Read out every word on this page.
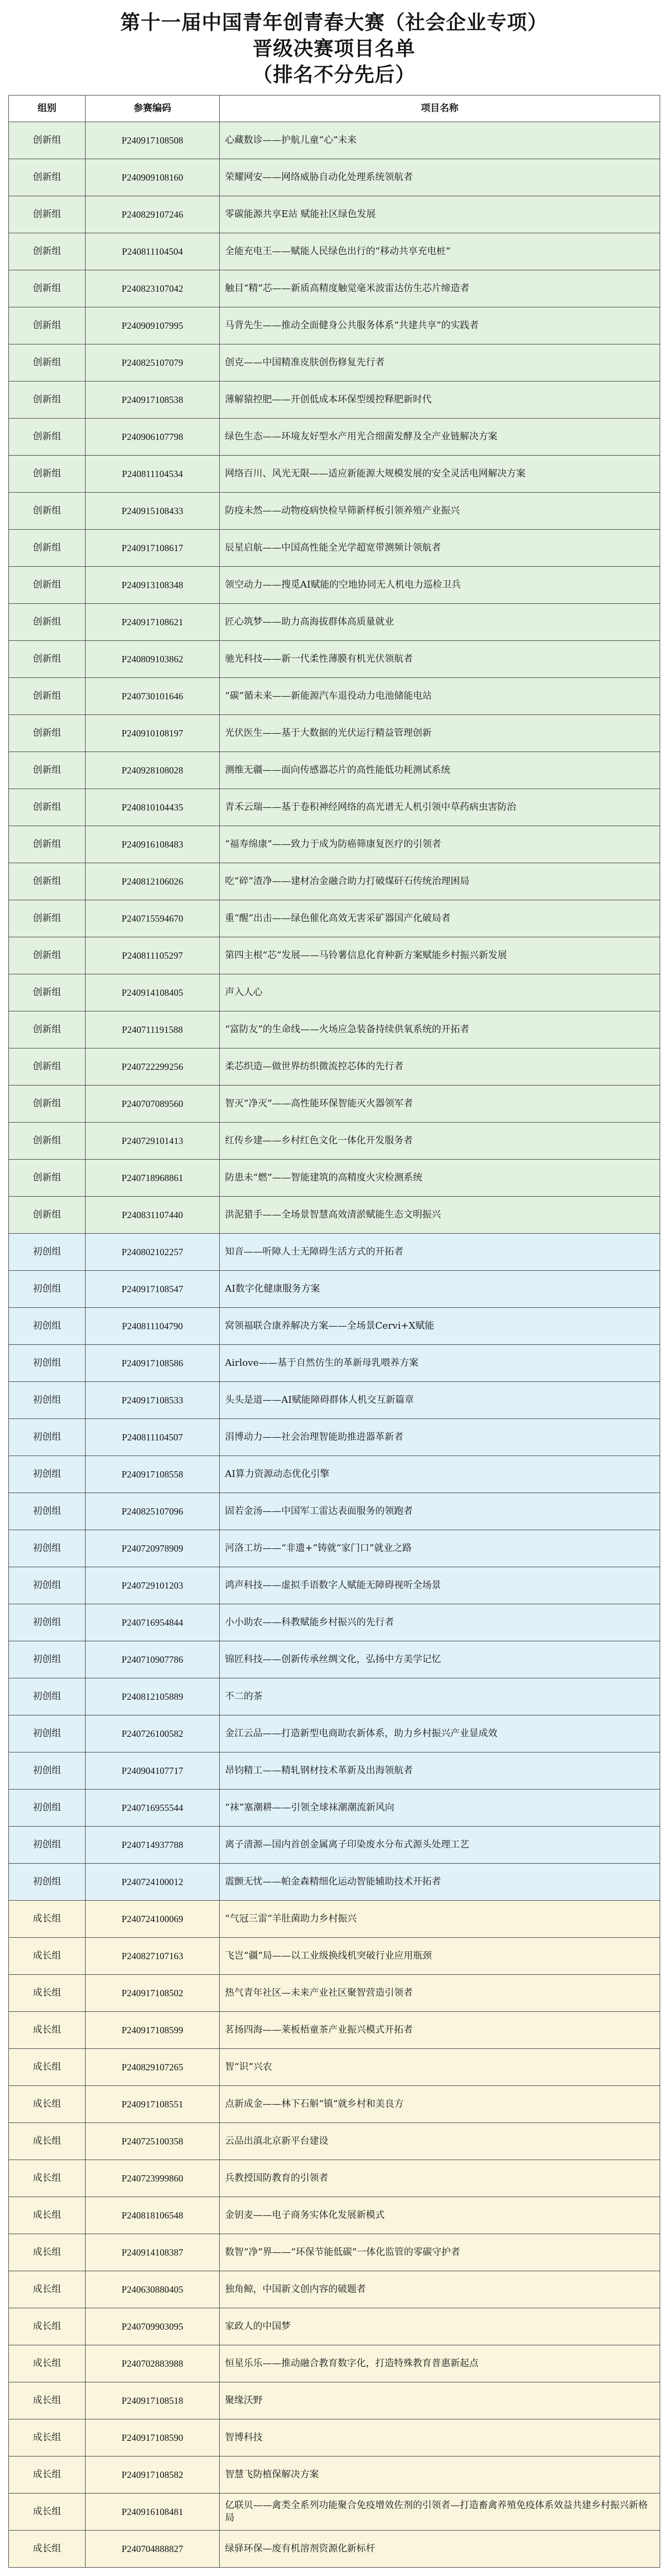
第十一届中国青年创青春大赛（社会企业专项）
晋级决赛项目名单
（排名不分先后）
组别	参赛编码	项目名称
创新组	P240917108508	心藏数诊——护航儿童“心”未来
创新组	P240909108160	荣耀网安——网络威胁自动化处理系统领航者
创新组	P240829107246	零碳能源共享E站 赋能社区绿色发展
创新组	P240811104504	全能充电王——赋能人民绿色出行的“移动共享充电桩”
创新组	P240823107042	触目“精”芯——新质高精度触觉毫米波雷达仿生芯片缔造者
创新组	P240909107995	马背先生——推动全面健身公共服务体系“共建共享”的实践者
创新组	P240825107079	创克——中国精准皮肤创伤修复先行者
创新组	P240917108538	薄解猿控肥——开创低成本环保型缓控释肥新时代
创新组	P240906107798	绿色生态——环境友好型水产用光合细菌发酵及全产业链解决方案
创新组	P240811104534	网络百川、风光无限——适应新能源大规模发展的安全灵活电网解决方案
创新组	P240915108433	防疫未然——动物疫病快检早筛新样板引领养殖产业振兴
创新组	P240917108617	辰星启航——中国高性能全光学超宽带测频计领航者
创新组	P240913108348	领空动力——搜觅AI赋能的空地协同无人机电力巡检卫兵
创新组	P240917108621	匠心筑梦——助力高海拔群体高质量就业
创新组	P240809103862	驰光科技——新一代柔性薄膜有机光伏领航者
创新组	P240730101646	“碳”循未来——新能源汽车退役动力电池储能电站
创新组	P240910108197	光伏医生——基于大数据的光伏运行精益管理创新
创新组	P240928108028	测维无疆——面向传感器芯片的高性能低功耗测试系统
创新组	P240810104435	青禾云瑞——基于卷积神经网络的高光谱无人机引领中草药病虫害防治
创新组	P240916108483	“福寿绵康”——致力于成为防癌筛康复医疗的引领者
创新组	P240812106026	吃“碎”渣净——建材冶金融合助力打破煤矸石传统治理困局
创新组	P240715594670	重“醒”出击——绿色催化高效无害采矿器国产化破局者
创新组	P240811105297	第四主根“芯”发展——马铃薯信息化育种新方案赋能乡村振兴新发展
创新组	P240914108405	声入人心
创新组	P240711191588	“富防友”的生命线——火场应急装备持续供氧系统的开拓者
创新组	P240722299256	柔芯织造—做世界纺织微流控芯体的先行者
创新组	P240707089560	智灭“净灭”——高性能环保智能灭火器领军者
创新组	P240729101413	红传乡建——乡村红色文化一体化开发服务者
创新组	P240718968861	防患未“燃”——智能建筑的高精度火灾检测系统
创新组	P240831107440	洪泥猎手——全场景智慧高效清淤赋能生态文明振兴
初创组	P240802102257	知音——听障人士无障碍生活方式的开拓者
初创组	P240917108547	AI数字化健康服务方案
初创组	P240811104790	窝领福联合康养解决方案——全场景Cervi+X赋能
初创组	P240917108586	Airlove——基于自然仿生的革新母乳喂养方案
初创组	P240917108533	头头是道——AI赋能障碍群体人机交互新篇章
初创组	P240811104507	涓博动力——社会治理智能助推进器革新者
初创组	P240917108558	AI算力资源动态优化引擎
初创组	P240825107096	固若金汤——中国军工雷达表面服务的领跑者
初创组	P240720978909	河洛工坊——“非遗+”铸就“家门口”就业之路
初创组	P240729101203	鸿声科技——虚拟手语数字人赋能无障碍视听全场景
初创组	P240716954844	小小助农——科教赋能乡村振兴的先行者
初创组	P240710907786	锦匠科技——创新传承丝绸文化，弘扬中方美学记忆
初创组	P240812105889	不二的茶
初创组	P240726100582	金江云品——打造新型电商助农新体系，助力乡村振兴产业显成效
初创组	P240904107717	昂钧精工——精轧钢材技术革新及出海领航者
初创组	P240716955544	“袜”塞潮耕——引领全球袜潮潮流新风向
初创组	P240714937788	离子清源—国内首创金属离子印染废水分布式源头处理工艺
初创组	P240724100012	震颤无忧——帕金森精细化运动智能辅助技术开拓者
成长组	P240724100069	“气冠三雷”羊肚菌助力乡村振兴
成长组	P240827107163	飞岂“疆”局——以工业级换线机突破行业应用瓶颈
成长组	P240917108502	热气青年社区—未来产业社区聚智营造引领者
成长组	P240917108599	茗扬四海——莱板梧童茶产业振兴模式开拓者
成长组	P240829107265	智“识”兴农
成长组	P240917108551	点新成金——林下石斛“镇”就乡村和美良方
成长组	P240725100358	云品出滇北京新平台建设
成长组	P240723999860	兵教授国防教育的引领者
成长组	P240818106548	金钥麦——电子商务实体化发展新模式
成长组	P240914108387	数智“净”界——“环保节能低碳”一体化监管的零碳守护者
成长组	P240630880405	独角鲸，中国新文创内容的破题者
成长组	P240709903095	家政人的中国梦
成长组	P240702883988	恒星乐乐——推动融合教育数字化，打造特殊教育普惠新起点
成长组	P240917108518	聚缘沃野
成长组	P240917108590	智博科技
成长组	P240917108582	智慧飞防植保解决方案
成长组	P240916108481	亿联贝——禽类全系列功能聚合免疫增效佐剂的引领者—打造畜禽养殖免疫体系效益共建乡村振兴新格局
成长组	P240704888827	绿驿环保—废有机溶剂资源化新标杆
